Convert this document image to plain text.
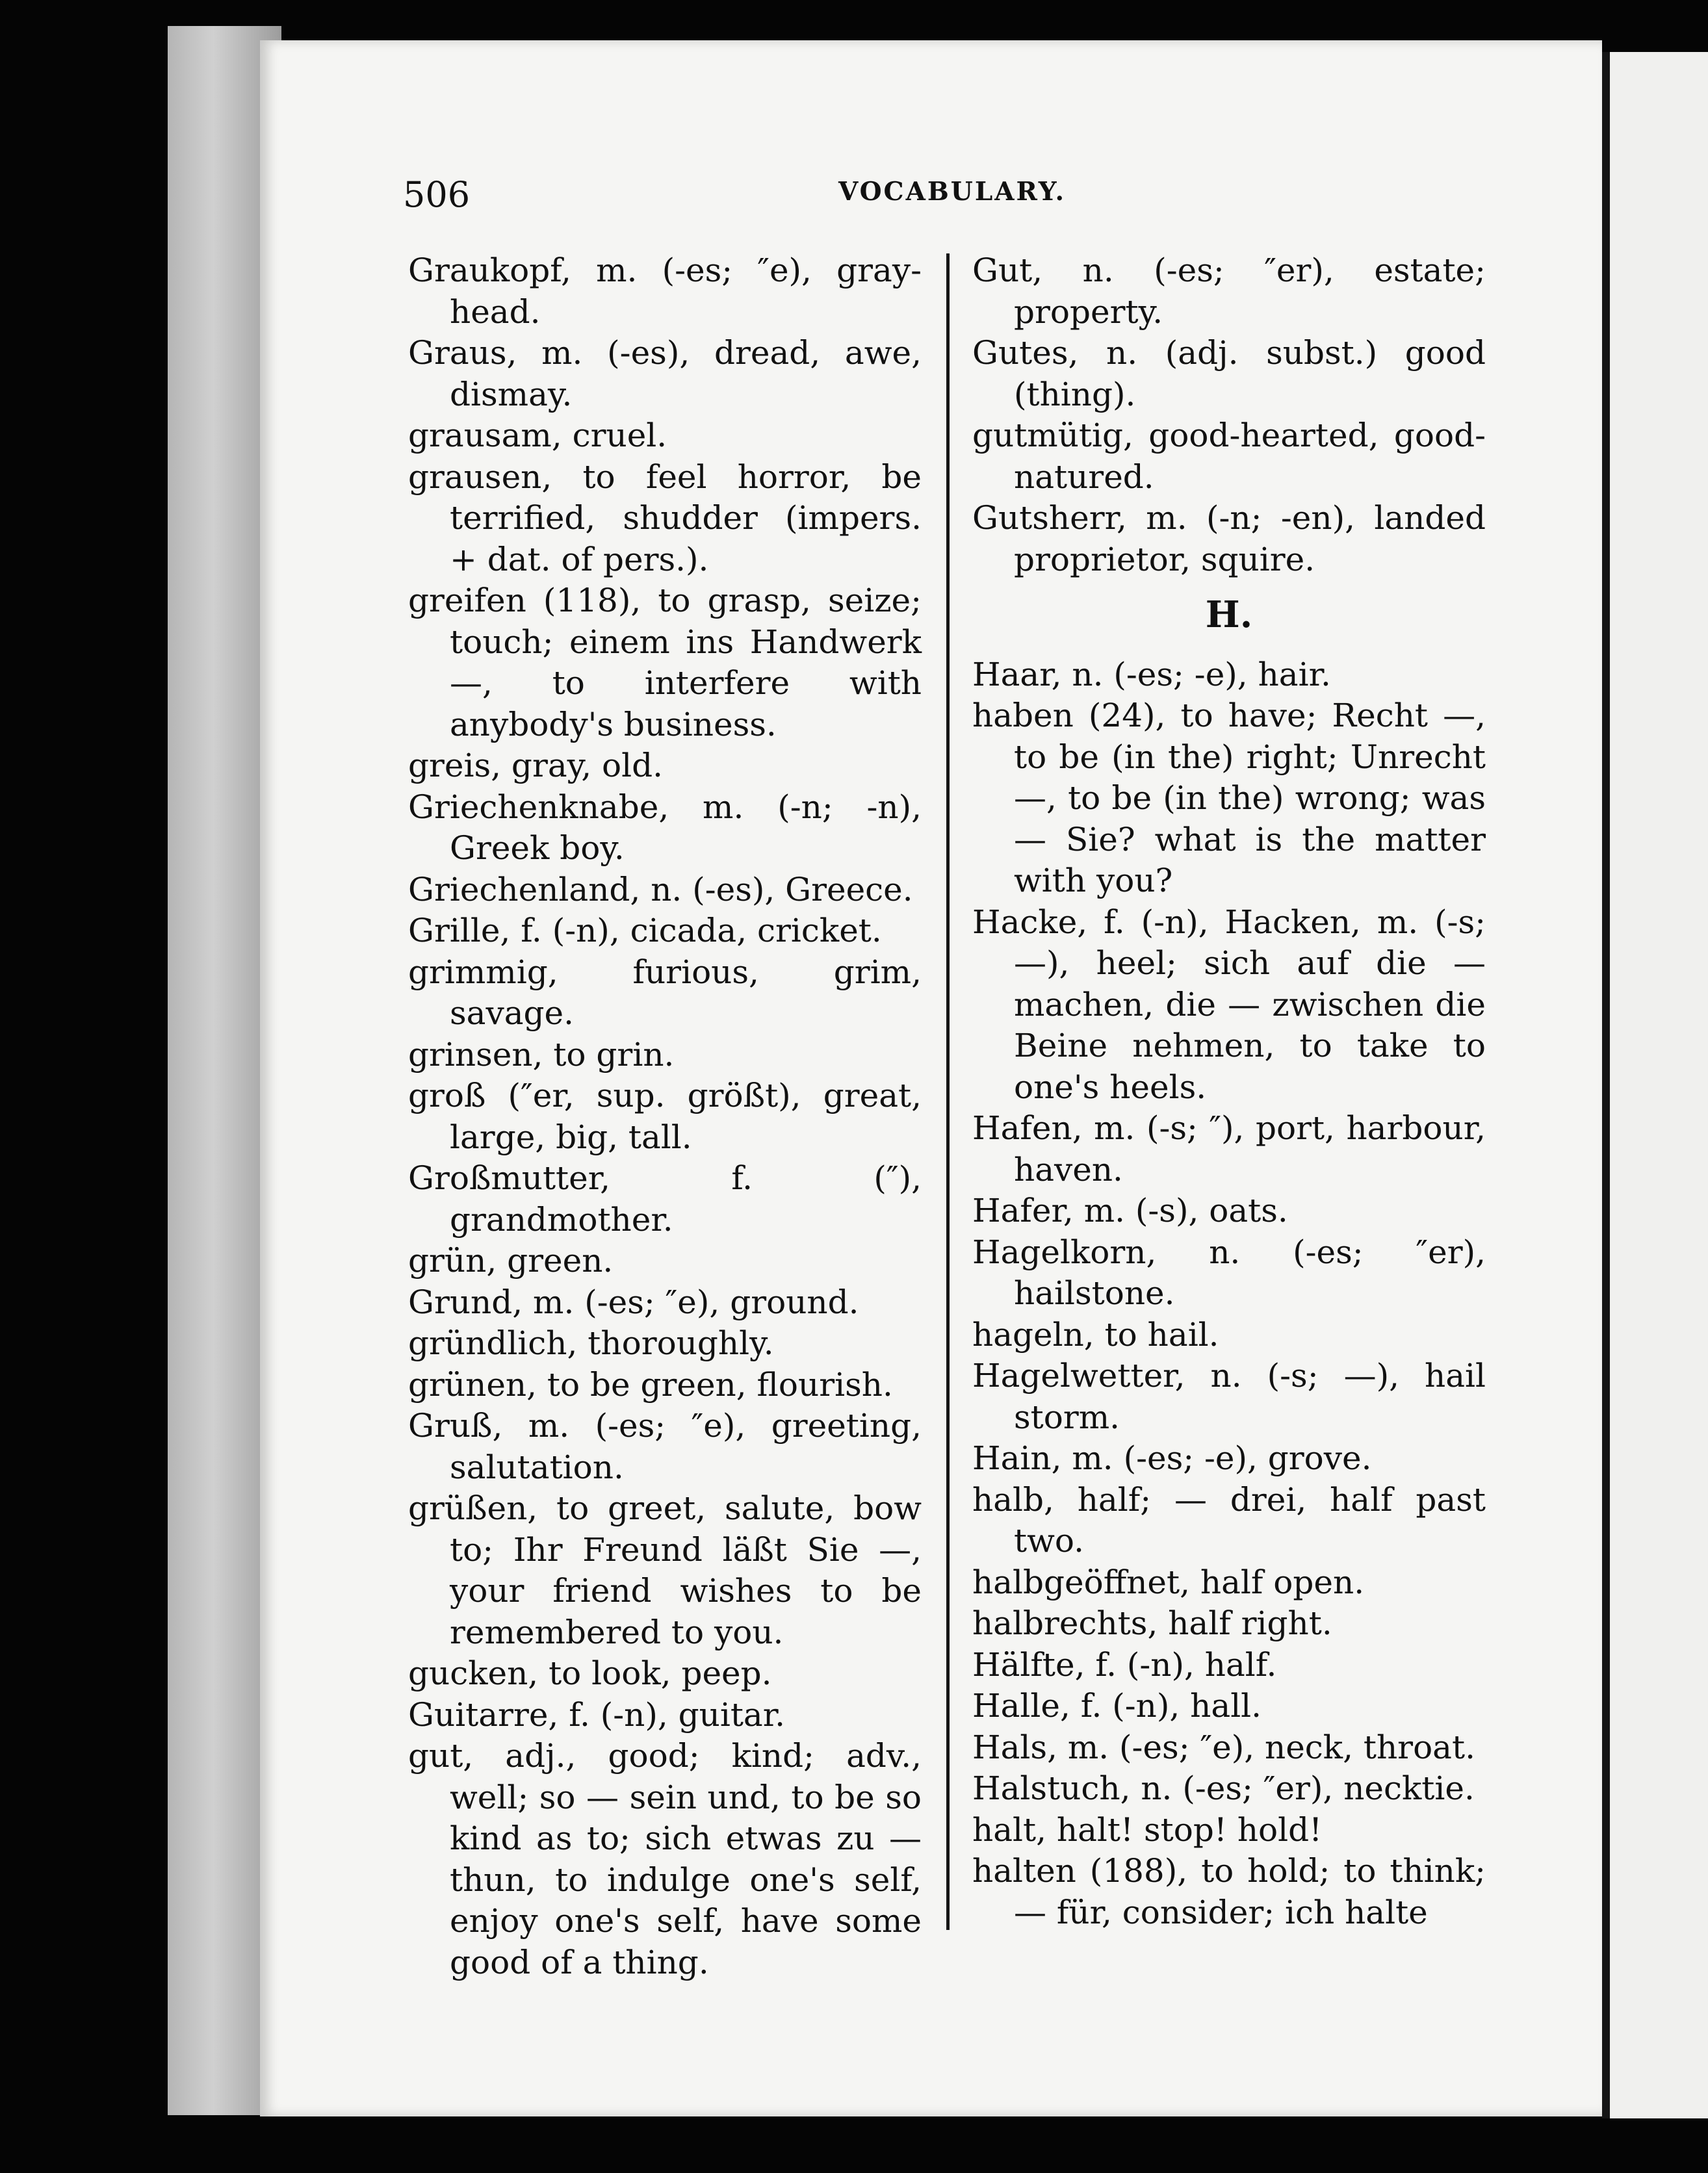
506	VOCABULARY.

Graukopf, m. (-es; ″e), gray-head.

Graus, m. (-es), dread, awe, dismay.

grausam, cruel.

grausen, to feel horror, be terrified, shudder (impers. + dat. of pers.).

greifen (118), to grasp, seize; touch; einem ins Handwerk —, to interfere with anybody's business.

greis, gray, old.

Griechenknabe, m. (-n; -n), Greek boy.

Griechenland, n. (-es), Greece.

Grille, f. (-n), cicada, cricket.

grimmig, furious, grim, savage.

grinsen, to grin.

groß (″er, sup. größt), great, large, big, tall.

Großmutter, f. (″), grandmother.

grün, green.

Grund, m. (-es; ″e), ground.

gründlich, thoroughly.

grünen, to be green, flourish.

Gruß, m. (-es; ″e), greeting, salutation.

grüßen, to greet, salute, bow to; Ihr Freund läßt Sie —, your friend wishes to be remembered to you.

gucken, to look, peep.

Guitarre, f. (-n), guitar.

gut, adj., good; kind; adv., well; so — sein und, to be so kind as to; sich etwas zu — thun, to indulge one's self, enjoy one's self, have some good of a thing.

Gut, n. (-es; ″er), estate; property.

Gutes, n. (adj. subst.) good (thing).

gutmütig, good-hearted, good-natured.

Gutsherr, m. (-n; -en), landed proprietor, squire.

H.

Haar, n. (-es; -e), hair.

haben (24), to have; Recht —, to be (in the) right; Unrecht —, to be (in the) wrong; was — Sie? what is the matter with you?

Hacke, f. (-n), Hacken, m. (-s; —), heel; sich auf die — machen, die — zwischen die Beine nehmen, to take to one's heels.

Hafen, m. (-s; ″), port, harbour, haven.

Hafer, m. (-s), oats.

Hagelkorn, n. (-es; ″er), hailstone.

hageln, to hail.

Hagelwetter, n. (-s; —), hail storm.

Hain, m. (-es; -e), grove.

halb, half; — drei, half past two.

halbgeöffnet, half open.

halbrechts, half right.

Hälfte, f. (-n), half.

Halle, f. (-n), hall.

Hals, m. (-es; ″e), neck, throat.

Halstuch, n. (-es; ″er), necktie.

halt, halt! stop! hold!

halten (188), to hold; to think; — für, consider; ich halte
